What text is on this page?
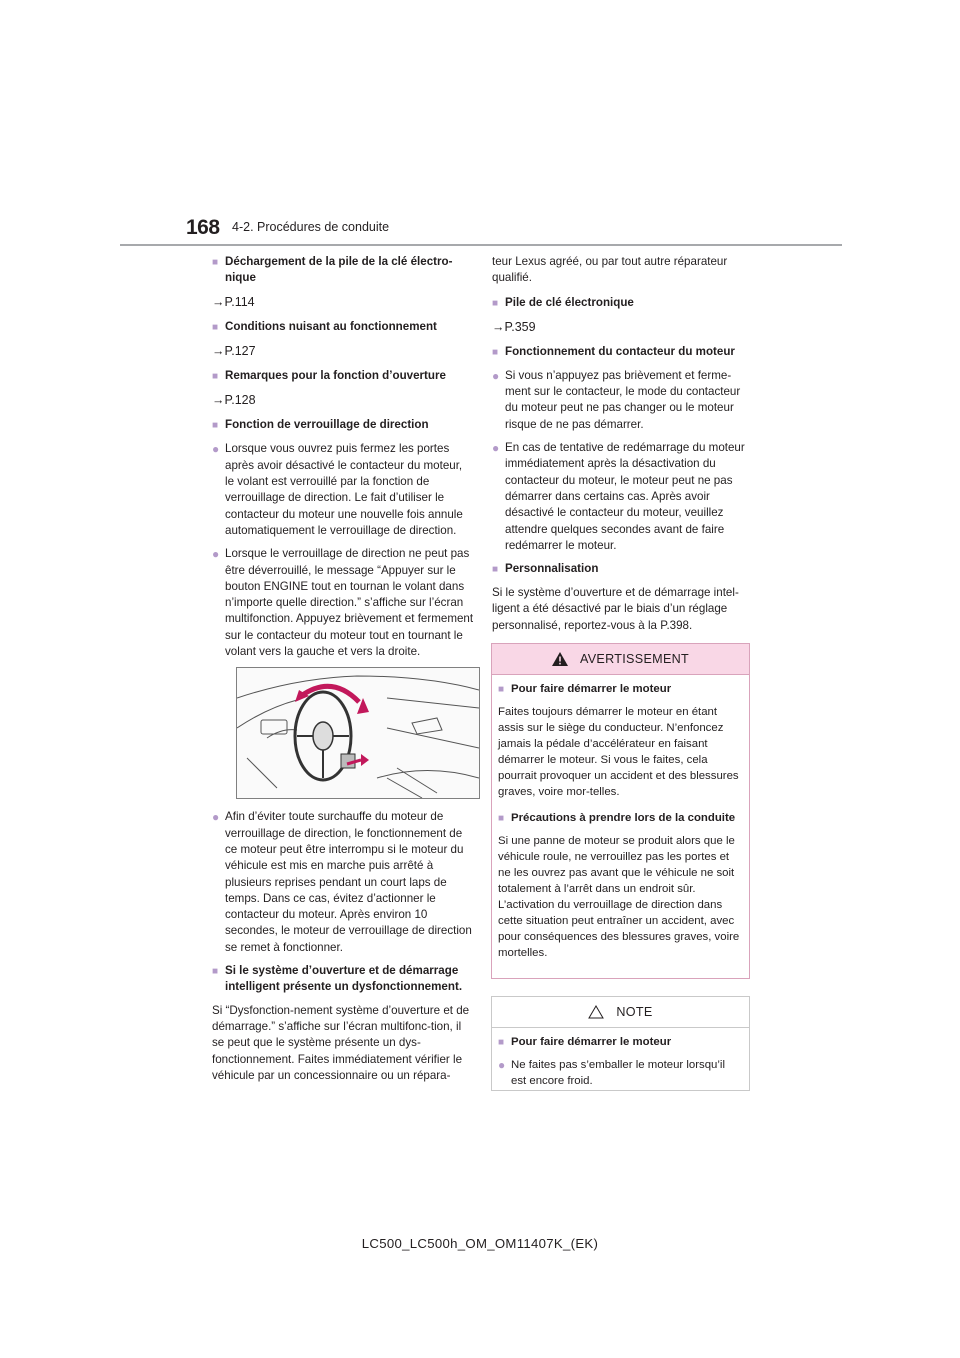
168 4-2. Procédures de conduite
■ Déchargement de la pile de la clé électro-nique
→P.114
■ Conditions nuisant au fonctionnement
→P.127
■ Remarques pour la fonction d’ouverture
→P.128
■ Fonction de verrouillage de direction
● Lorsque vous ouvrez puis fermez les portes après avoir désactivé le contacteur du moteur, le volant est verrouillé par la fonction de verrouillage de direction. Le fait d’utiliser le contacteur du moteur une nouvelle fois annule automatiquement le verrouillage de direction.
● Lorsque le verrouillage de direction ne peut pas être déverrouillé, le message “Appuyer sur le bouton ENGINE tout en tournan le volant dans n’importe quelle direction.” s’affiche sur l’écran multifonction. Appuyez brièvement et fermement sur le contacteur du moteur tout en tournant le volant vers la gauche et vers la droite.
● Afin d’éviter toute surchauffe du moteur de verrouillage de direction, le fonctionnement de ce moteur peut être interrompu si le moteur du véhicule est mis en marche puis arrêté à plusieurs reprises pendant un court laps de temps. Dans ce cas, évitez d’actionner le contacteur du moteur. Après environ 10 secondes, le moteur de verrouillage de direction se remet à fonctionner.
■ Si le système d’ouverture et de démarrage intelligent présente un dysfonctionnement.
Si “Dysfonction-nement système d’ouverture et de démarrage.” s’affiche sur l’écran multifonc-tion, il se peut que le système présente un dys-fonctionnement. Faites immédiatement vérifier le véhicule par un concessionnaire ou un répara-
teur Lexus agréé, ou par tout autre réparateur qualifié.
■ Pile de clé électronique
→P.359
■ Fonctionnement du contacteur du moteur
● Si vous n’appuyez pas brièvement et ferme-ment sur le contacteur, le mode du contacteur du moteur peut ne pas changer ou le moteur risque de ne pas démarrer.
● En cas de tentative de redémarrage du moteur immédiatement après la désactivation du contacteur du moteur, le moteur peut ne pas démarrer dans certains cas. Après avoir désactivé le contacteur du moteur, veuillez attendre quelques secondes avant de faire redémarrer le moteur.
■ Personnalisation
Si le système d’ouverture et de démarrage intel-ligent a été désactivé par le biais d’un réglage personnalisé, reportez-vous à la P.398.
AVERTISSEMENT
■ Pour faire démarrer le moteur
Faites toujours démarrer le moteur en étant assis sur le siège du conducteur. N’enfoncez jamais la pédale d’accélérateur en faisant démarrer le moteur. Si vous le faites, cela pourrait provoquer un accident et des blessures graves, voire mor-telles.
■ Précautions à prendre lors de la conduite
Si une panne de moteur se produit alors que le véhicule roule, ne verrouillez pas les portes et ne les ouvrez pas avant que le véhicule ne soit totalement à l’arrêt dans un endroit sûr. L’activation du verrouillage de direction dans cette situation peut entraîner un accident, avec pour conséquences des blessures graves, voire mortelles.
NOTE
■ Pour faire démarrer le moteur
● Ne faites pas s’emballer le moteur lorsqu’il est encore froid.
LC500_LC500h_OM_OM11407K_(EK)
